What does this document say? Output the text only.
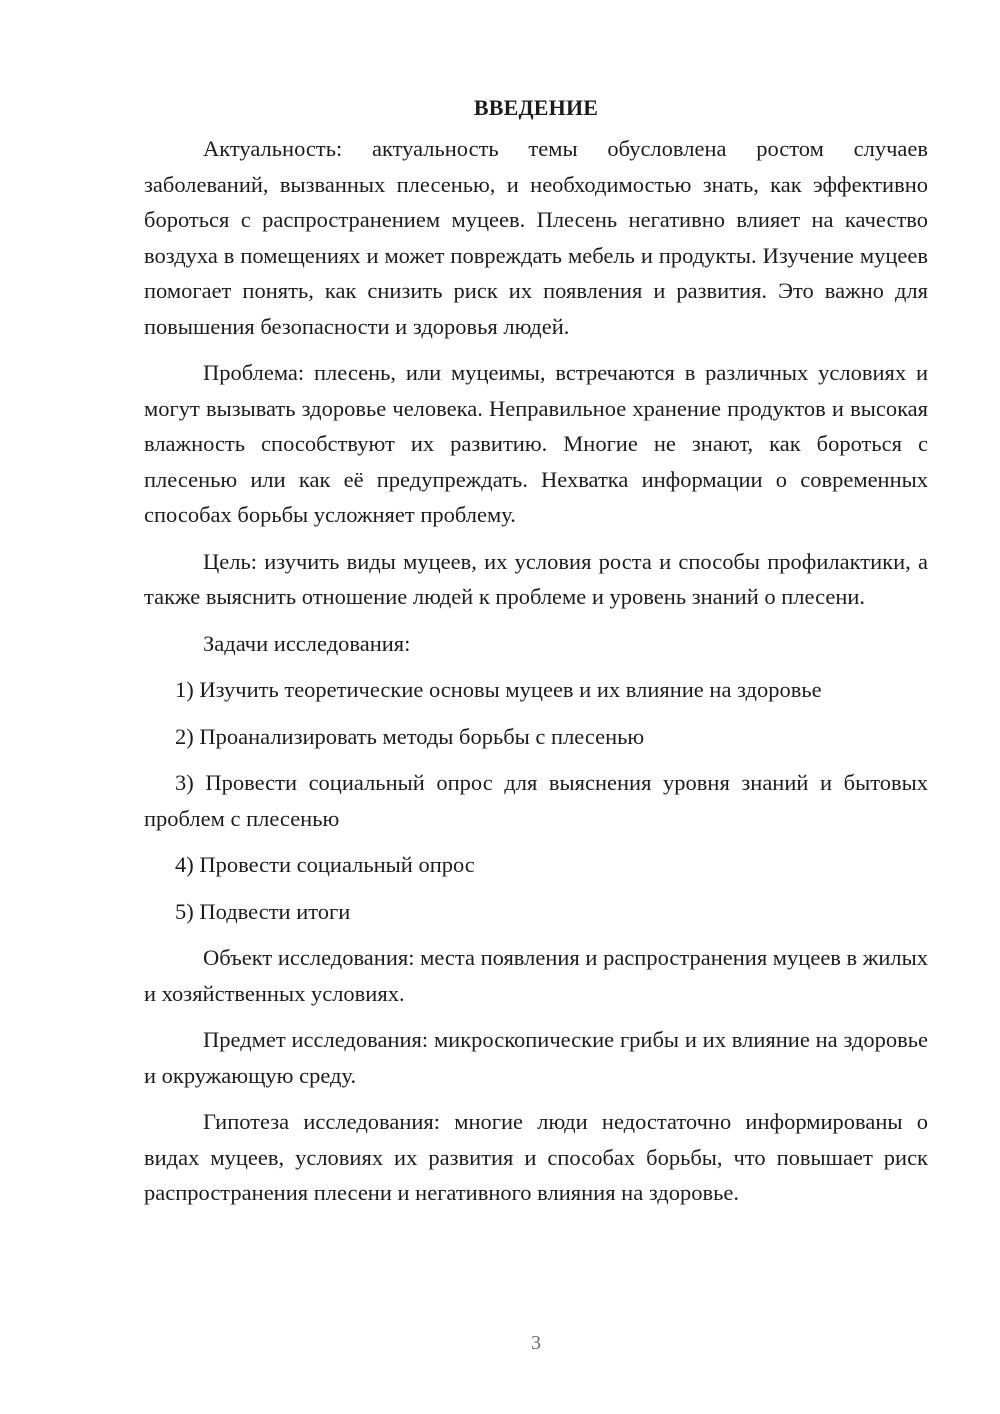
ВВЕДЕНИЕ

Актуальность: актуальность темы обусловлена ростом случаев заболеваний, вызванных плесенью, и необходимостью знать, как эффективно бороться с распространением муцеев. Плесень негативно влияет на качество воздуха в помещениях и может повреждать мебель и продукты. Изучение муцеев помогает понять, как снизить риск их появления и развития. Это важно для повышения безопасности и здоровья людей.

Проблема: плесень, или муцеимы, встречаются в различных условиях и могут вызывать здоровье человека. Неправильное хранение продуктов и высокая влажность способствуют их развитию. Многие не знают, как бороться с плесенью или как её предупреждать. Нехватка информации о современных способах борьбы усложняет проблему.

Цель: изучить виды муцеев, их условия роста и способы профилактики, а также выяснить отношение людей к проблеме и уровень знаний о плесени.

Задачи исследования:

1) Изучить теоретические основы муцеев и их влияние на здоровье

2) Проанализировать методы борьбы с плесенью

3) Провести социальный опрос для выяснения уровня знаний и бытовых проблем с плесенью

4) Провести социальный опрос

5) Подвести итоги

Объект исследования: места появления и распространения муцеев в жилых и хозяйственных условиях.

Предмет исследования: микроскопические грибы и их влияние на здоровье и окружающую среду.

Гипотеза исследования: многие люди недостаточно информированы о видах муцеев, условиях их развития и способах борьбы, что повышает риск распространения плесени и негативного влияния на здоровье.

3
